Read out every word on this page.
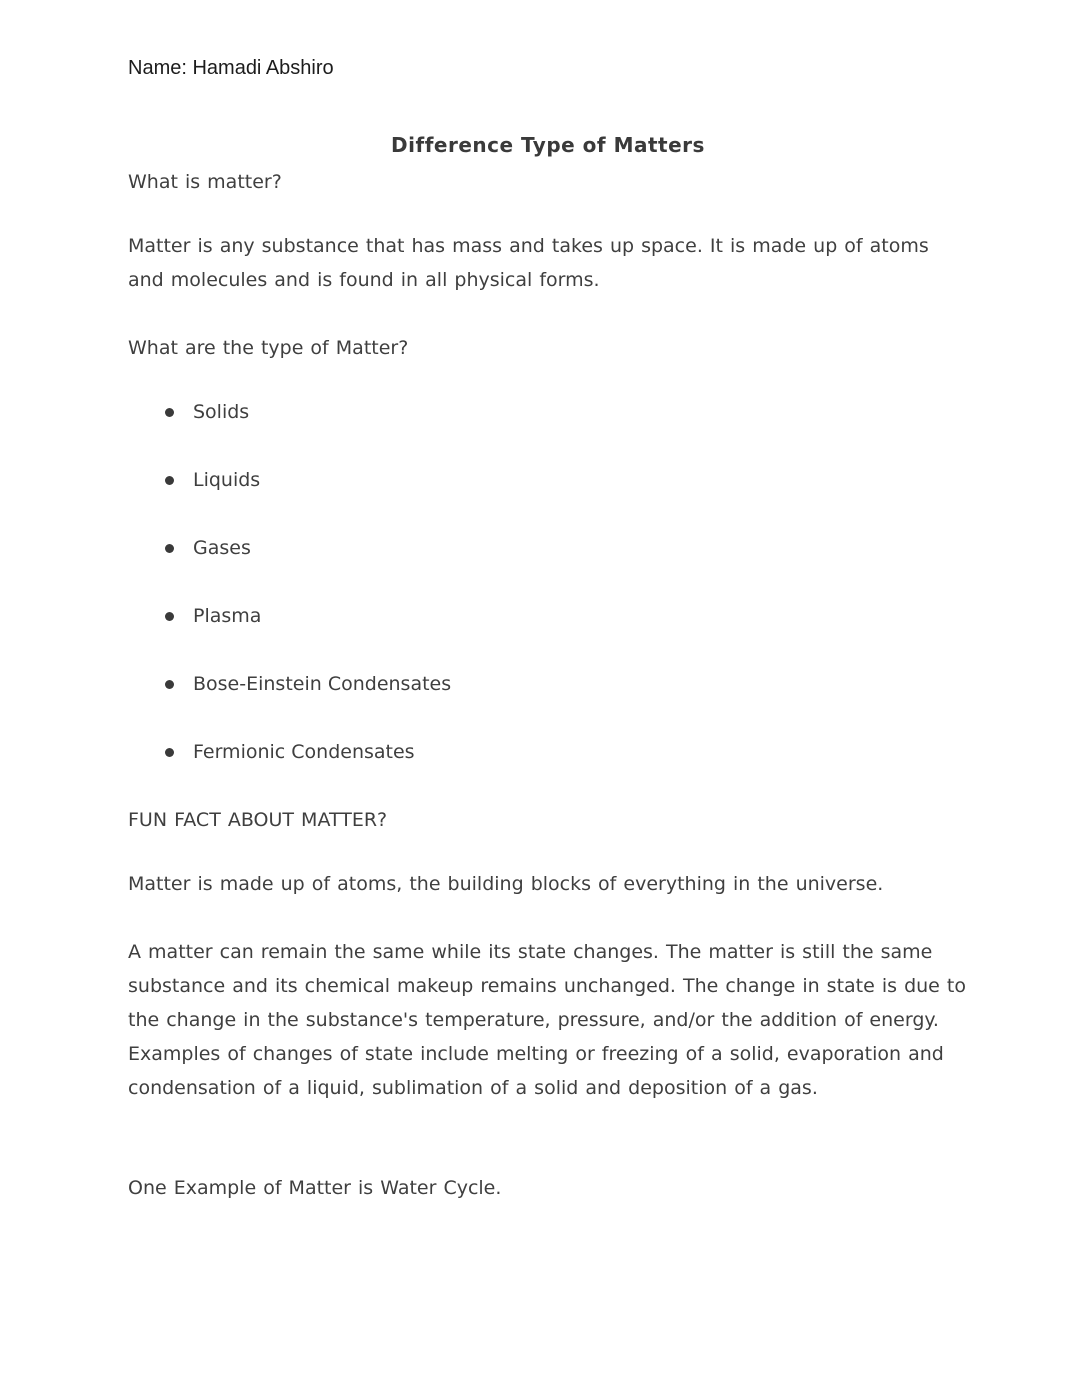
Name: Hamadi Abshiro

Difference Type of Matters

What is matter?

Matter is any substance that has mass and takes up space. It is made up of atoms and molecules and is found in all physical forms.

What are the type of Matter?

Solids
Liquids
Gases
Plasma
Bose-Einstein Condensates
Fermionic Condensates

FUN FACT ABOUT MATTER?

Matter is made up of atoms, the building blocks of everything in the universe.

A matter can remain the same while its state changes. The matter is still the same substance and its chemical makeup remains unchanged. The change in state is due to the change in the substance's temperature, pressure, and/or the addition of energy. Examples of changes of state include melting or freezing of a solid, evaporation and condensation of a liquid, sublimation of a solid and deposition of a gas.

One Example of Matter is Water Cycle.
